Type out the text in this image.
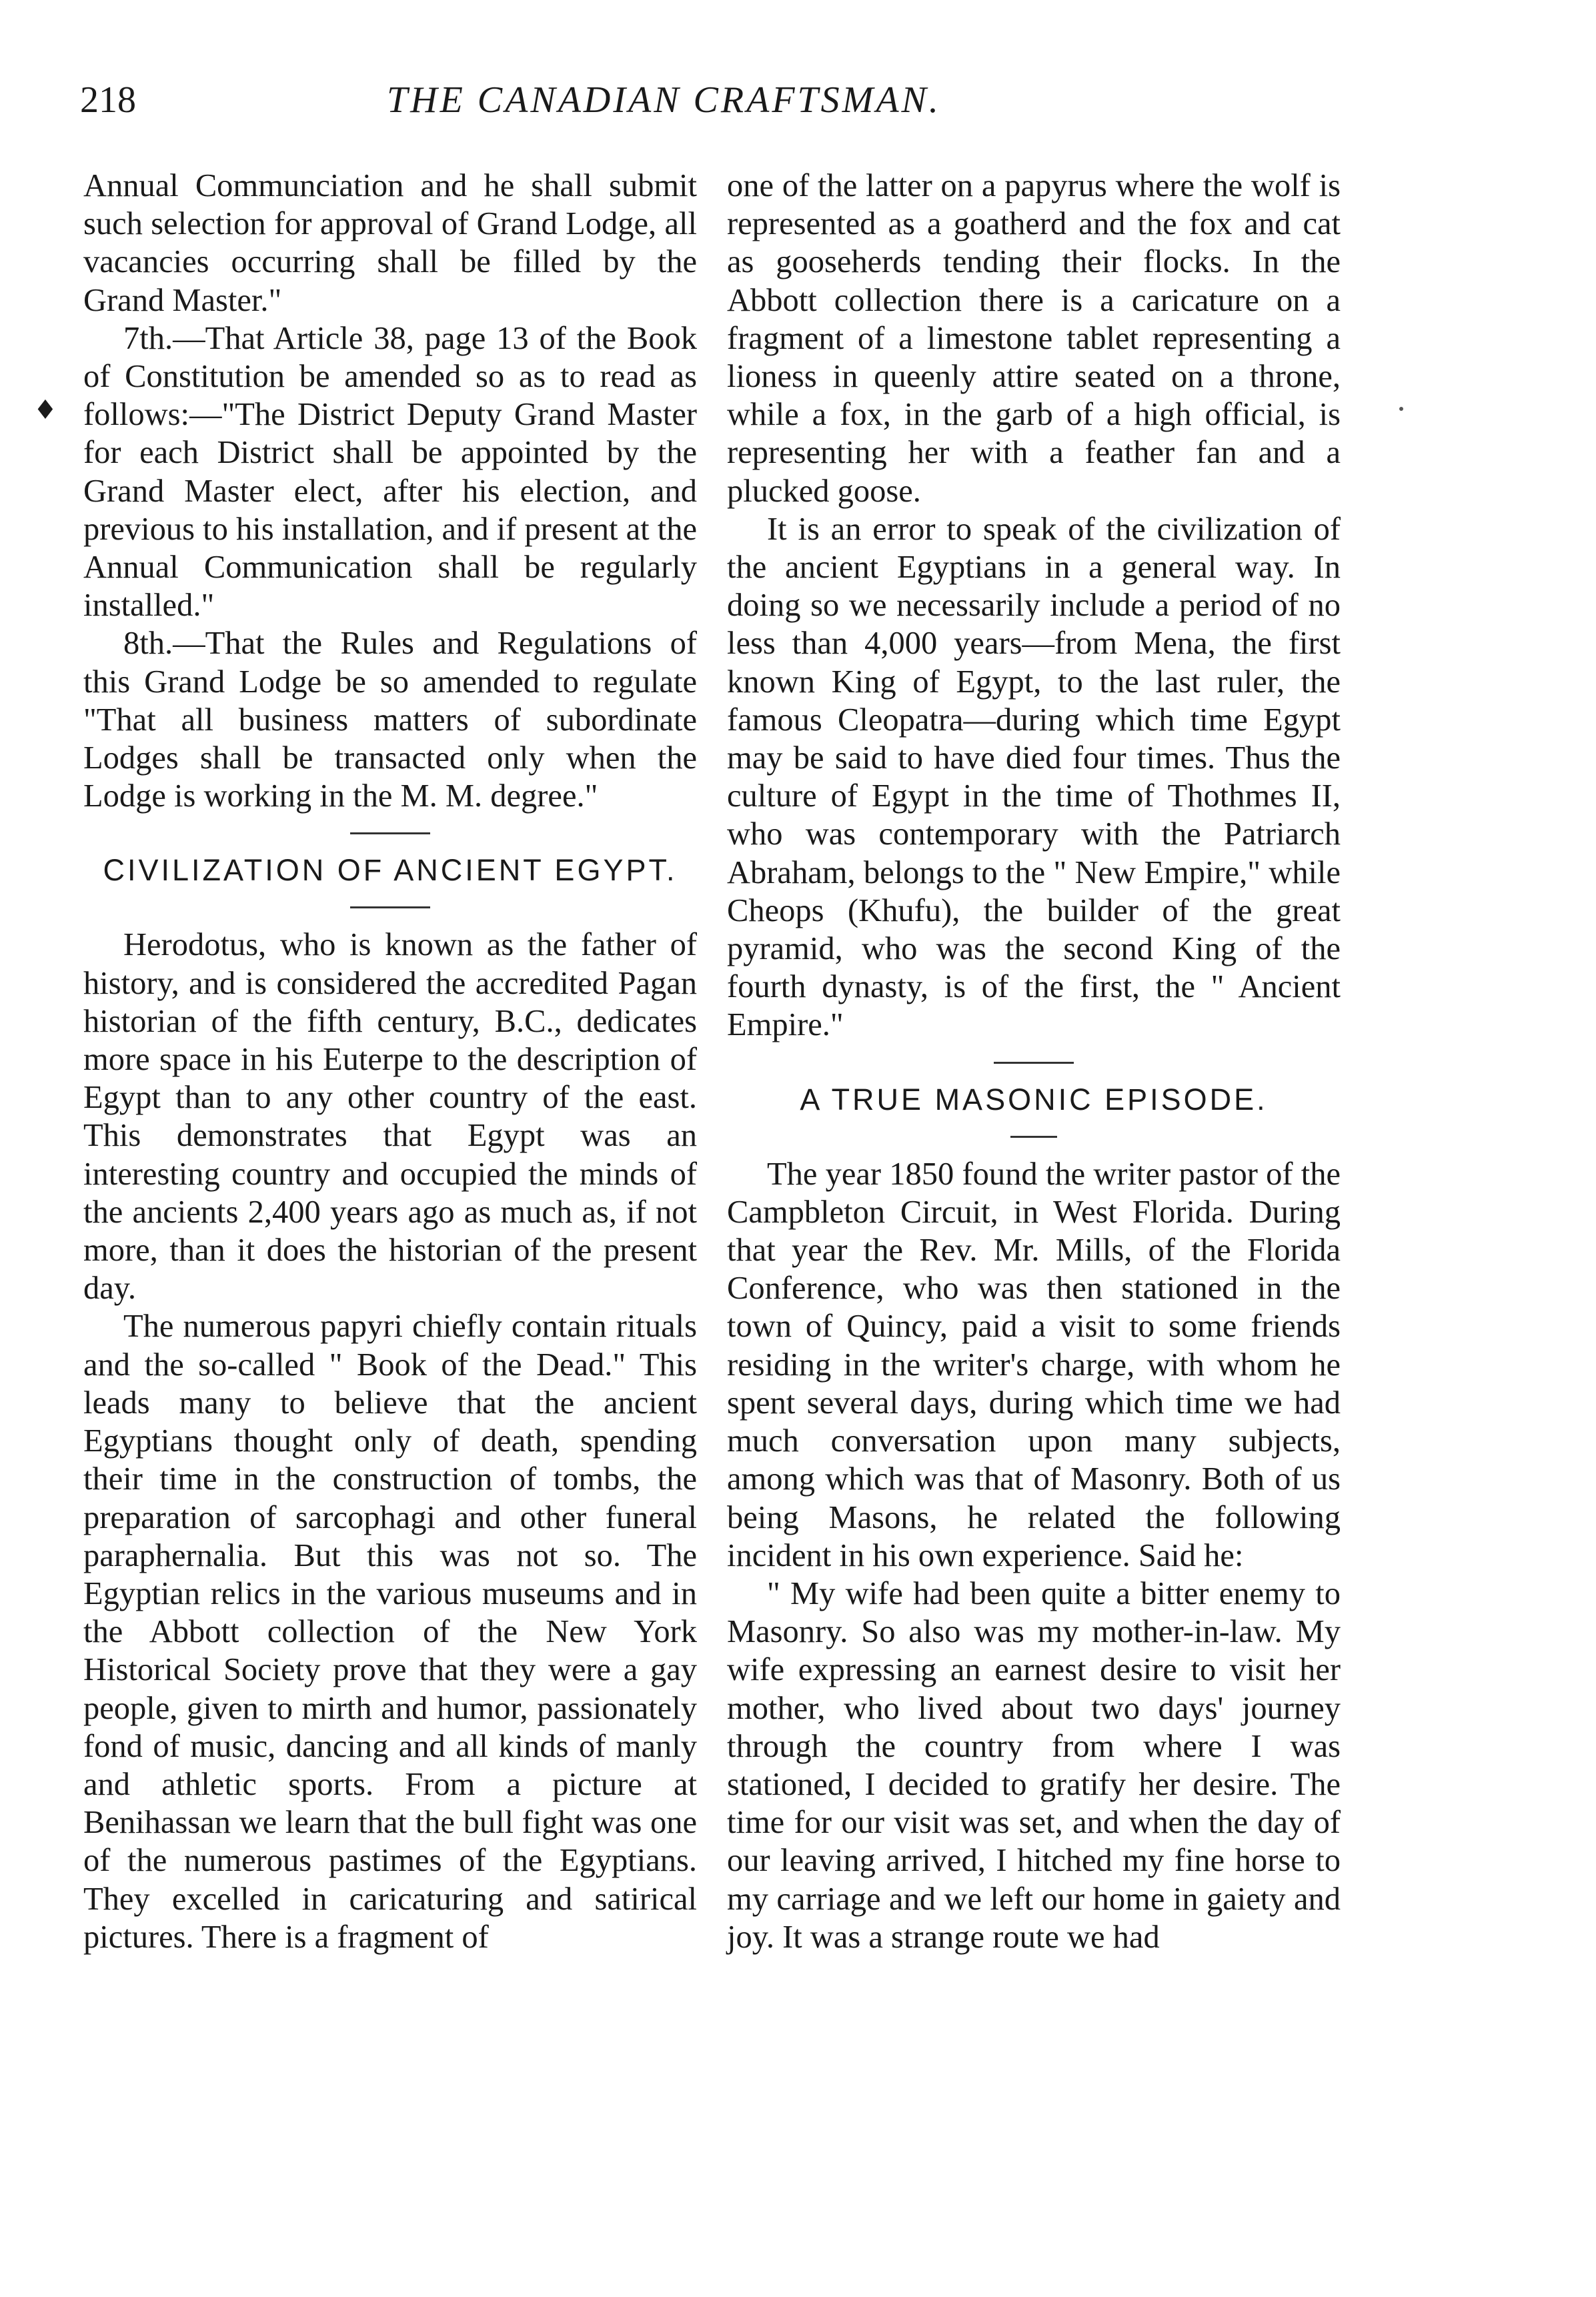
218	THE CANADIAN CRAFTSMAN.
♦

Annual Communciation and he shall submit such selection for approval of Grand Lodge, all vacancies occurring shall be filled by the Grand Master."

7th.—That Article 38, page 13 of the Book of Constitution be amended so as to read as follows:—"The District Deputy Grand Master for each District shall be appointed by the Grand Master elect, after his election, and previous to his installation, and if present at the Annual Communication shall be regularly installed."

8th.—That the Rules and Regulations of this Grand Lodge be so amended to regulate "That all business matters of subordinate Lodges shall be transacted only when the Lodge is working in the M. M. degree."

CIVILIZATION OF ANCIENT EGYPT.

Herodotus, who is known as the father of history, and is considered the accredited Pagan historian of the fifth century, B.C., dedicates more space in his Euterpe to the description of Egypt than to any other country of the east. This demonstrates that Egypt was an interesting country and occupied the minds of the ancients 2,400 years ago as much as, if not more, than it does the historian of the present day.

The numerous papyri chiefly contain rituals and the so-called " Book of the Dead." This leads many to believe that the ancient Egyptians thought only of death, spending their time in the construction of tombs, the preparation of sarcophagi and other funeral paraphernalia. But this was not so. The Egyptian relics in the various museums and in the Abbott collection of the New York Historical Society prove that they were a gay people, given to mirth and humor, passionately fond of music, dancing and all kinds of manly and athletic sports. From a picture at Benihassan we learn that the bull fight was one of the numerous pastimes of the Egyptians. They excelled in caricaturing and satirical pictures. There is a fragment of

one of the latter on a papyrus where the wolf is represented as a goatherd and the fox and cat as gooseherds tending their flocks. In the Abbott collection there is a caricature on a fragment of a limestone tablet representing a lioness in queenly attire seated on a throne, while a fox, in the garb of a high official, is representing her with a feather fan and a plucked goose.

It is an error to speak of the civilization of the ancient Egyptians in a general way. In doing so we necessarily include a period of no less than 4,000 years—from Mena, the first known King of Egypt, to the last ruler, the famous Cleopatra—during which time Egypt may be said to have died four times. Thus the culture of Egypt in the time of Thothmes II, who was contemporary with the Patriarch Abraham, belongs to the " New Empire," while Cheops (Khufu), the builder of the great pyramid, who was the second King of the fourth dynasty, is of the first, the " Ancient Empire."

A TRUE MASONIC EPISODE.

The year 1850 found the writer pastor of the Campbleton Circuit, in West Florida. During that year the Rev. Mr. Mills, of the Florida Conference, who was then stationed in the town of Quincy, paid a visit to some friends residing in the writer's charge, with whom he spent several days, during which time we had much conversation upon many subjects, among which was that of Masonry. Both of us being Masons, he related the following incident in his own experience. Said he:

" My wife had been quite a bitter enemy to Masonry. So also was my mother-in-law. My wife expressing an earnest desire to visit her mother, who lived about two days' journey through the country from where I was stationed, I decided to gratify her desire. The time for our visit was set, and when the day of our leaving arrived, I hitched my fine horse to my carriage and we left our home in gaiety and joy. It was a strange route we had
